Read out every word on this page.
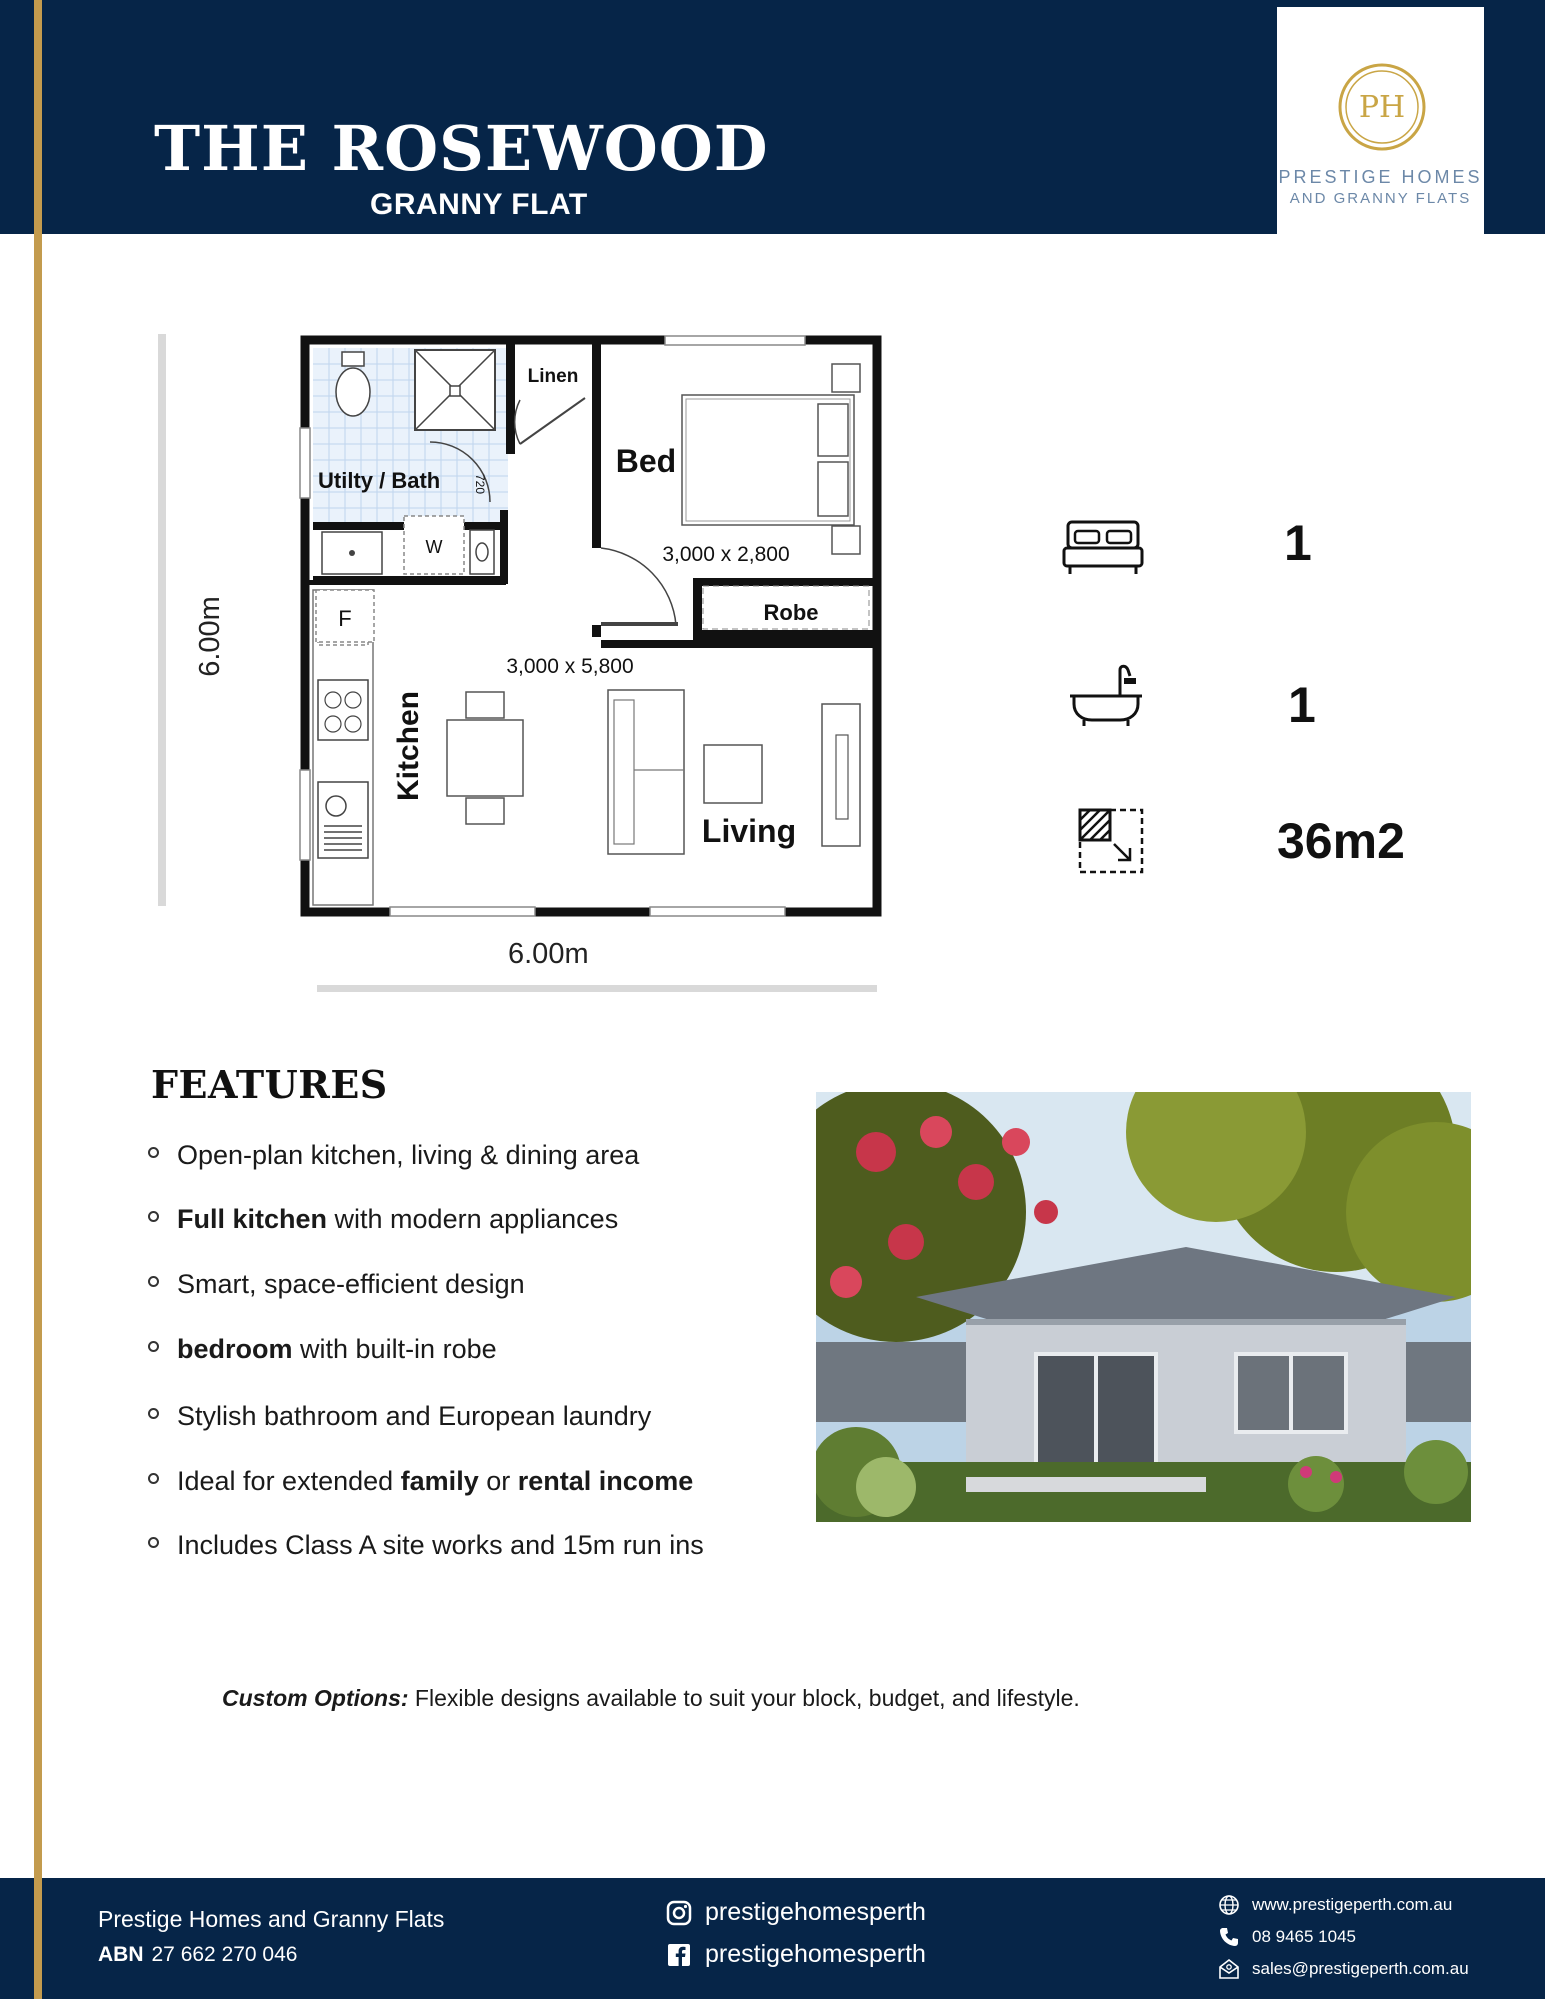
THE ROSEWOOD
GRANNY FLAT
PH
PRESTIGE HOMES
AND GRANNY FLATS
Linen
Utilty / Bath	720
W
Bed
3,000 x 2,800
Robe
F
3,000 x 5,800
Kitchen
Living
6.00m
6.00m
1
1
36m2
FEATURES
Open-plan kitchen, living & dining area
Full kitchen with modern appliances
Smart, space-efficient design
bedroom with built-in robe
Stylish bathroom and European laundry
Ideal for extended family or rental income
Includes Class A site works and 15m run ins
Custom Options: Flexible designs available to suit your block, budget, and lifestyle.
Prestige Homes and Granny Flats
ABN 27 662 270 046
prestigehomesperth
prestigehomesperth
www.prestigeperth.com.au
08 9465 1045
sales@prestigeperth.com.au
